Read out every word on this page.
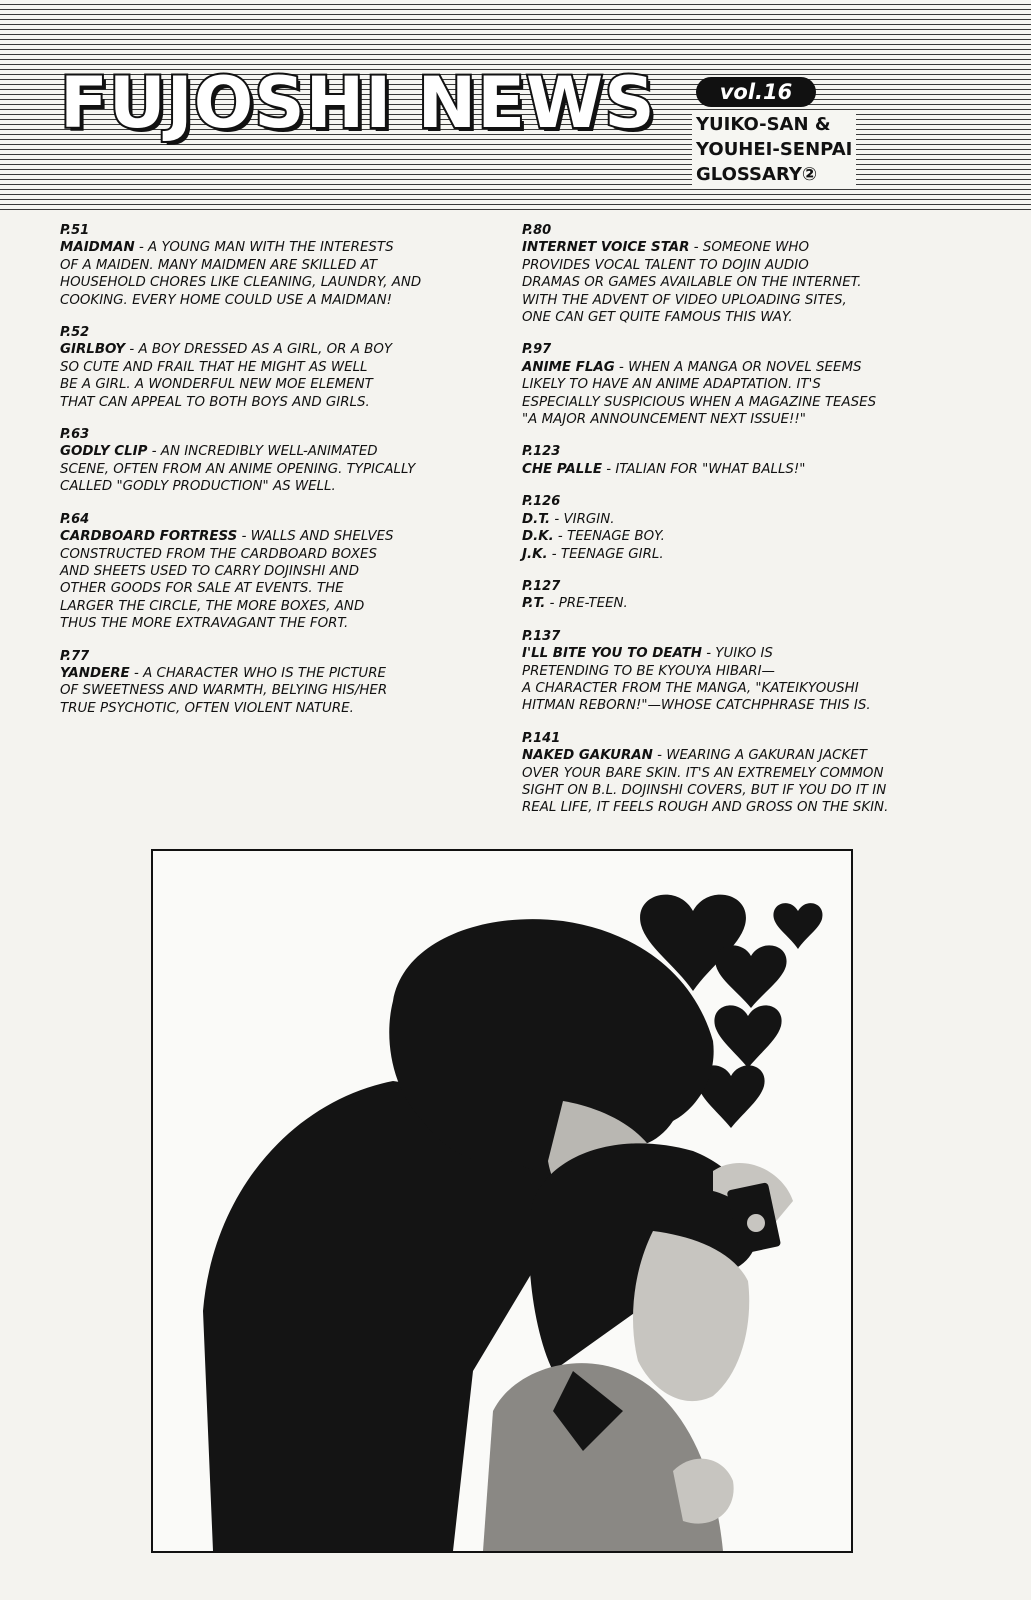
FUJOSHI NEWS	vol.16
YUIKO-SAN &
YOUHEI-SENPAI
GLOSSARY②
P.51
MAIDMAN - A YOUNG MAN WITH THE INTERESTS
OF A MAIDEN. MANY MAIDMEN ARE SKILLED AT
HOUSEHOLD CHORES LIKE CLEANING, LAUNDRY, AND
COOKING. EVERY HOME COULD USE A MAIDMAN!
P.52
GIRLBOY - A BOY DRESSED AS A GIRL, OR A BOY
SO CUTE AND FRAIL THAT HE MIGHT AS WELL
BE A GIRL. A WONDERFUL NEW MOE ELEMENT
THAT CAN APPEAL TO BOTH BOYS AND GIRLS.
P.63
GODLY CLIP - AN INCREDIBLY WELL-ANIMATED
SCENE, OFTEN FROM AN ANIME OPENING. TYPICALLY
CALLED "GODLY PRODUCTION" AS WELL.
P.64
CARDBOARD FORTRESS - WALLS AND SHELVES
CONSTRUCTED FROM THE CARDBOARD BOXES
AND SHEETS USED TO CARRY DOJINSHI AND
OTHER GOODS FOR SALE AT EVENTS. THE
LARGER THE CIRCLE, THE MORE BOXES, AND
THUS THE MORE EXTRAVAGANT THE FORT.
P.77
YANDERE - A CHARACTER WHO IS THE PICTURE
OF SWEETNESS AND WARMTH, BELYING HIS/HER
TRUE PSYCHOTIC, OFTEN VIOLENT NATURE.
P.80
INTERNET VOICE STAR - SOMEONE WHO
PROVIDES VOCAL TALENT TO DOJIN AUDIO
DRAMAS OR GAMES AVAILABLE ON THE INTERNET.
WITH THE ADVENT OF VIDEO UPLOADING SITES,
ONE CAN GET QUITE FAMOUS THIS WAY.
P.97
ANIME FLAG - WHEN A MANGA OR NOVEL SEEMS
LIKELY TO HAVE AN ANIME ADAPTATION. IT'S
ESPECIALLY SUSPICIOUS WHEN A MAGAZINE TEASES
"A MAJOR ANNOUNCEMENT NEXT ISSUE!!"
P.123
CHE PALLE - ITALIAN FOR "WHAT BALLS!"
P.126
D.T. - VIRGIN.
D.K. - TEENAGE BOY.
J.K. - TEENAGE GIRL.
P.127
P.T. - PRE-TEEN.
P.137
I'LL BITE YOU TO DEATH - YUIKO IS
PRETENDING TO BE KYOUYA HIBARI—
A CHARACTER FROM THE MANGA, "KATEIKYOUSHI
HITMAN REBORN!"—WHOSE CATCHPHRASE THIS IS.
P.141
NAKED GAKURAN - WEARING A GAKURAN JACKET
OVER YOUR BARE SKIN. IT'S AN EXTREMELY COMMON
SIGHT ON B.L. DOJINSHI COVERS, BUT IF YOU DO IT IN
REAL LIFE, IT FEELS ROUGH AND GROSS ON THE SKIN.
